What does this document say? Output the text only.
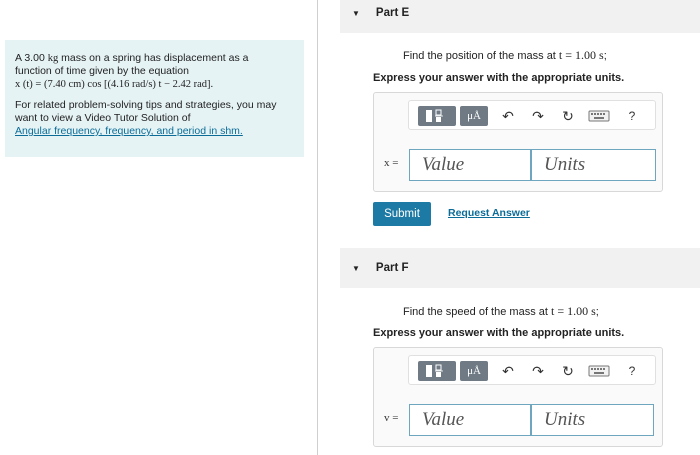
A 3.00 kg mass on a spring has displacement as a

function of time given by the equation

x (t) = (7.40 cm) cos [(4.16 rad/s) t − 2.42 rad].

For related problem-solving tips and strategies, you may

want to view a Video Tutor Solution of

Angular frequency, frequency, and period in shm.

▼ Part E
Find the position of the mass at t = 1.00 s;
Express your answer with the appropriate units.
μÅ	↶ ↷ ↻	?
x =	Value	Units
Submit	Request Answer
▼ Part F
Find the speed of the mass at t = 1.00 s;
Express your answer with the appropriate units.
μÅ	↶ ↷ ↻	?
v =	Value	Units
